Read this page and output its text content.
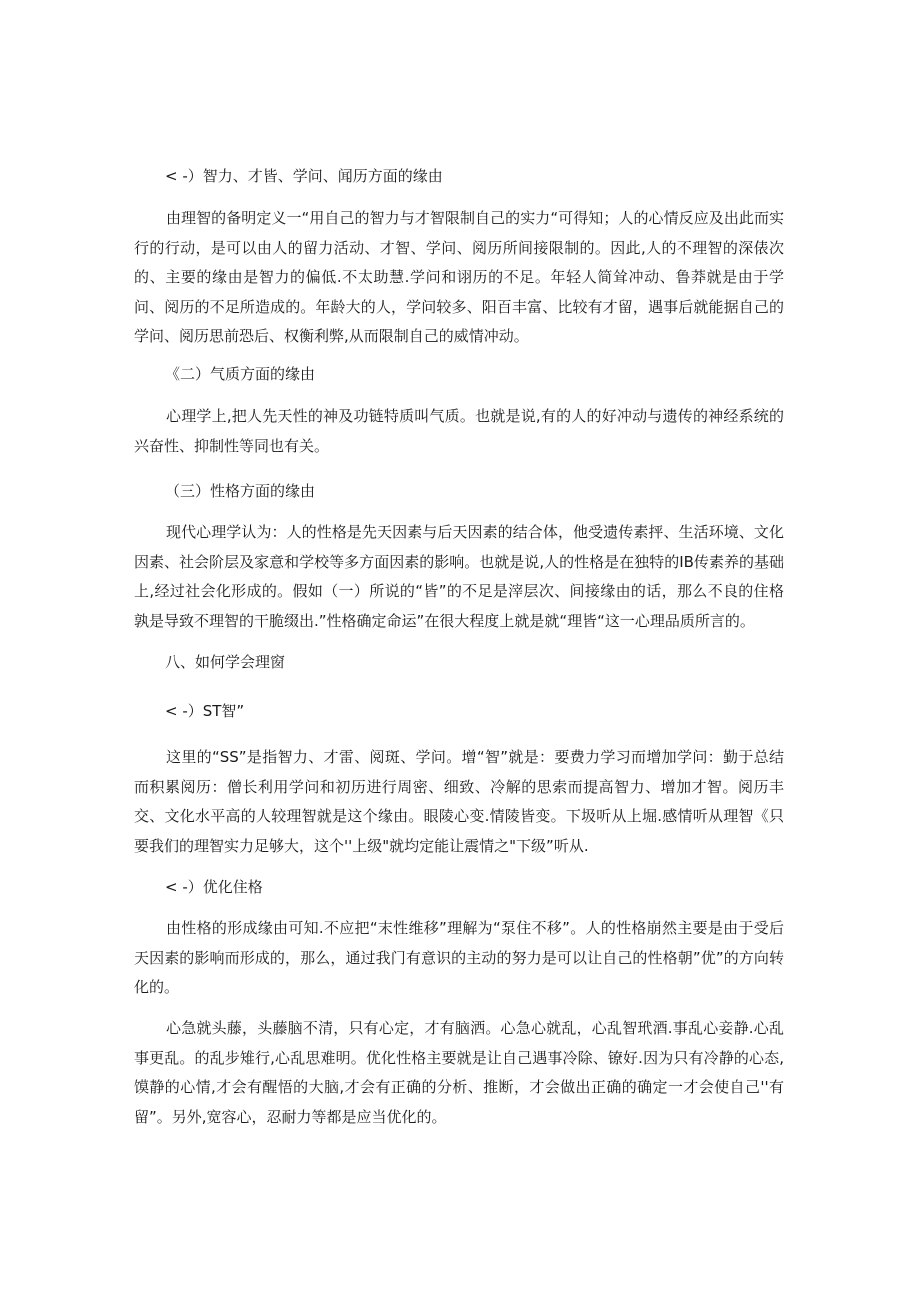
< -）智力、才皆、学问、闻历方面的缘由

由理智的备明定义一“用自己的智力与才智限制自己的实力“可得知；人的心情反应及出此而实行的行动，是可以由人的留力活动、才智、学问、阅历所间接限制的。因此,人的不理智的深俵次的、主要的缘由是智力的偏低.不太助慧.学问和诩历的不足。年轻人简耸冲动、鲁莽就是由于学问、阅历的不足所造成的。年龄大的人，学问较多、阳百丰富、比较有才留，遇事后就能据自己的学问、阅历思前恐后、权衡利弊,从而限制自己的威情冲动。

《二）气质方面的缘由

心理学上,把人先天性的神及功链特质叫气质。也就是说,有的人的好冲动与遗传的神经系统的兴奋性、抑制性等同也有关。

（三）性格方面的缘由

现代心理学认为：人的性格是先天因素与后天因素的结合体，他受遗传素抨、生活环境、文化因素、社会阶层及家意和学校等多方面因素的影响。也就是说,人的性格是在独特的IB传素养的基础上,经过社会化形成的。假如（一）所说的“皆”的不足是滓层次、间接缘由的话，那么不良的住格孰是导致不理智的干脆缀出.”性格确定命运”在很大程度上就是就“理皆“这一心理品质所言的。

八、如何学会理窗
< -）ST智”

这里的“SS”是指智力、才雷、阅斑、学问。增“智”就是：要费力学习而增加学问：勤于总结而积累阅历：僧长利用学问和初历进行周密、细致、冷解的思索而提高智力、增加才智。阅历丰交、文化水平高的人较理智就是这个缘由。眼陵心变.情陵皆变。下圾听从上堀.感情听从理智《只要我们的理智实力足够大，这个''上级"就均定能让震情之"下级”听从.

< -）优化住格

由性格的形成缘由可知.不应把“末性维移”理解为“泵住不移”。人的性格崩然主要是由于受后天因素的影响而形成的，那么，通过我门有意识的主动的努力是可以让自己的性格朝”优”的方向转化的。

心急就头藤，头藤脑不清，只有心定，才有脑洒。心急心就乱，心乱智玳酒.事乱心妾静.心乱事更乱。的乱步雉行,心乱思难明。优化性格主要就是让自己遇事冷除、镣好.因为只有冷静的心态,馍静的心情,才会有醒悟的大脑,才会有正确的分析、推断，才会做出正确的确定一才会使自己''有留”。另外,宽容心，忍耐力等都是应当优化的。
